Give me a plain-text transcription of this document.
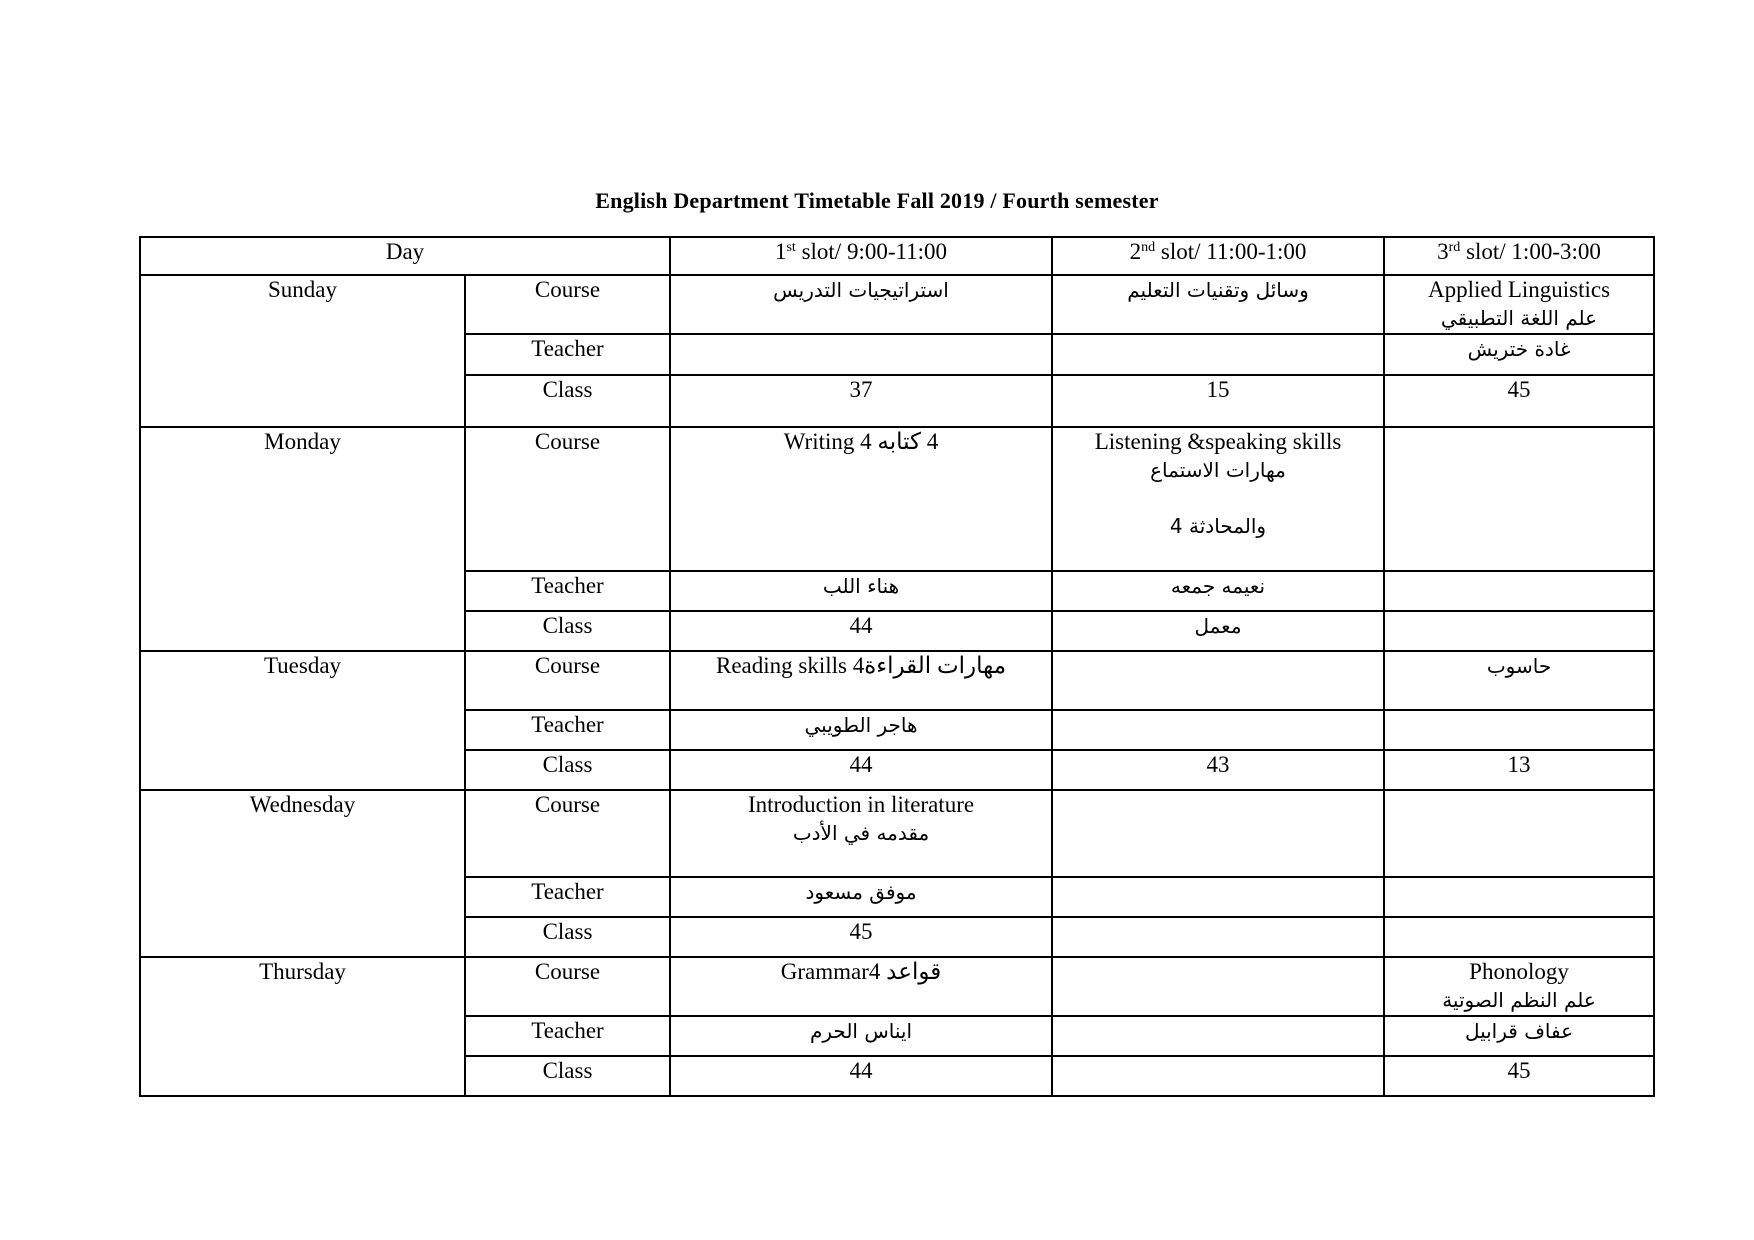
English Department Timetable Fall 2019 / Fourth semester
Day		1st slot/ 9:00-11:00	2nd slot/ 11:00-1:00	3rd slot/ 1:00-3:00
Sunday	Course	استراتيجيات التدريس	وسائل وتقنيات التعليم	Applied Linguistics
علم اللغة التطبيقي

	Teacher			غادة ختريش

	Class	37	15	45
Monday	Course	4 كتابه Writing 4	Listening &speaking skills
مهارات الاستماع
والمحادثة 4	

	Teacher	هناء اللب	نعيمه جمعه	

	Class	44	معمل	

Tuesday	Course	Reading skills 4مهارات القراءة		حاسوب

	Teacher	هاجر الطويبي		

	Class	44	43	13
Wednesday	Course	Introduction in literature
مقدمه في الأدب		

	Teacher	موفق مسعود		

	Class	45		
Thursday	Course	Grammar4 قواعد		Phonology
علم النظم الصوتية

	Teacher	ايناس الحرم		عفاف قرابيل

	Class	44		45
